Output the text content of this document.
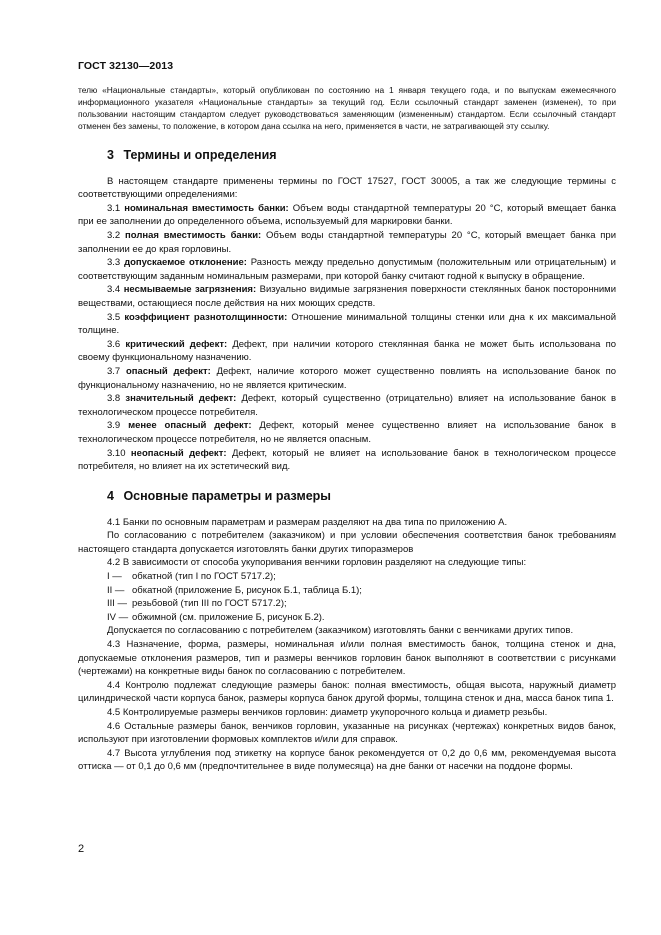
ГОСТ 32130—2013

телю «Национальные стандарты», который опубликован по состоянию на 1 января текущего года, и по выпускам ежемесячного информационного указателя «Национальные стандарты» за текущий год. Если ссылочный стандарт заменен (изменен), то при пользовании настоящим стандартом следует руководствоваться заменяющим (измененным) стандартом. Если ссылочный стандарт отменен без замены, то положение, в котором дана ссылка на него, применяется в части, не затрагивающей эту ссылку.

3 Термины и определения

В настоящем стандарте применены термины по ГОСТ 17527, ГОСТ 30005, а так же следующие термины с соответствующими определениями:

3.1 номинальная вместимость банки: Объем воды стандартной температуры 20 °С, который вмещает банка при ее заполнении до определенного объема, используемый для маркировки банки.

3.2 полная вместимость банки: Объем воды стандартной температуры 20 °С, который вмещает банка при заполнении ее до края горловины.

3.3 допускаемое отклонение: Разность между предельно допустимым (положительным или отрицательным) и соответствующим заданным номинальным размерами, при которой банку считают годной к выпуску в обращение.

3.4 несмываемые загрязнения: Визуально видимые загрязнения поверхности стеклянных банок посторонними веществами, остающиеся после действия на них моющих средств.

3.5 коэффициент разнотолщинности: Отношение минимальной толщины стенки или дна к их максимальной толщине.

3.6 критический дефект: Дефект, при наличии которого стеклянная банка не может быть использована по своему функциональному назначению.

3.7 опасный дефект: Дефект, наличие которого может существенно повлиять на использование банок по функциональному назначению, но не является критическим.

3.8 значительный дефект: Дефект, который существенно (отрицательно) влияет на использование банок в технологическом процессе потребителя.

3.9 менее опасный дефект: Дефект, который менее существенно влияет на использование банок в технологическом процессе потребителя, но не является опасным.

3.10 неопасный дефект: Дефект, который не влияет на использование банок в технологическом процессе потребителя, но влияет на их эстетический вид.

4 Основные параметры и размеры

4.1 Банки по основным параметрам и размерам разделяют на два типа по приложению А.

По согласованию с потребителем (заказчиком) и при условии обеспечения соответствия банок требованиям настоящего стандарта допускается изготовлять банки других типоразмеров

4.2 В зависимости от способа укупоривания венчики горловин разделяют на следующие типы:

I — обкатной (тип I по ГОСТ 5717.2);

II — обкатной (приложение Б, рисунок Б.1, таблица Б.1);

III — резьбовой (тип III по ГОСТ 5717.2);

IV — обжимной (см. приложение Б, рисунок Б.2).

Допускается по согласованию с потребителем (заказчиком) изготовлять банки с венчиками других типов.

4.3 Назначение, форма, размеры, номинальная и/или полная вместимость банок, толщина стенок и дна, допускаемые отклонения размеров, тип и размеры венчиков горловин банок выполняют в соответствии с рисунками (чертежами) на конкретные виды банок по согласованию с потребителем.

4.4 Контролю подлежат следующие размеры банок: полная вместимость, общая высота, наружный диаметр цилиндрической части корпуса банок, размеры корпуса банок другой формы, толщина стенок и дна, масса банок типа 1.

4.5 Контролируемые размеры венчиков горловин: диаметр укупорочного кольца и диаметр резьбы.

4.6 Остальные размеры банок, венчиков горловин, указанные на рисунках (чертежах) конкретных видов банок, используют при изготовлении формовых комплектов и/или для справок.

4.7 Высота углубления под этикетку на корпусе банок рекомендуется от 0,2 до 0,6 мм, рекомендуемая высота оттиска — от 0,1 до 0,6 мм (предпочтительнее в виде полумесяца) на дне банки от насечки на поддоне формы.

2
